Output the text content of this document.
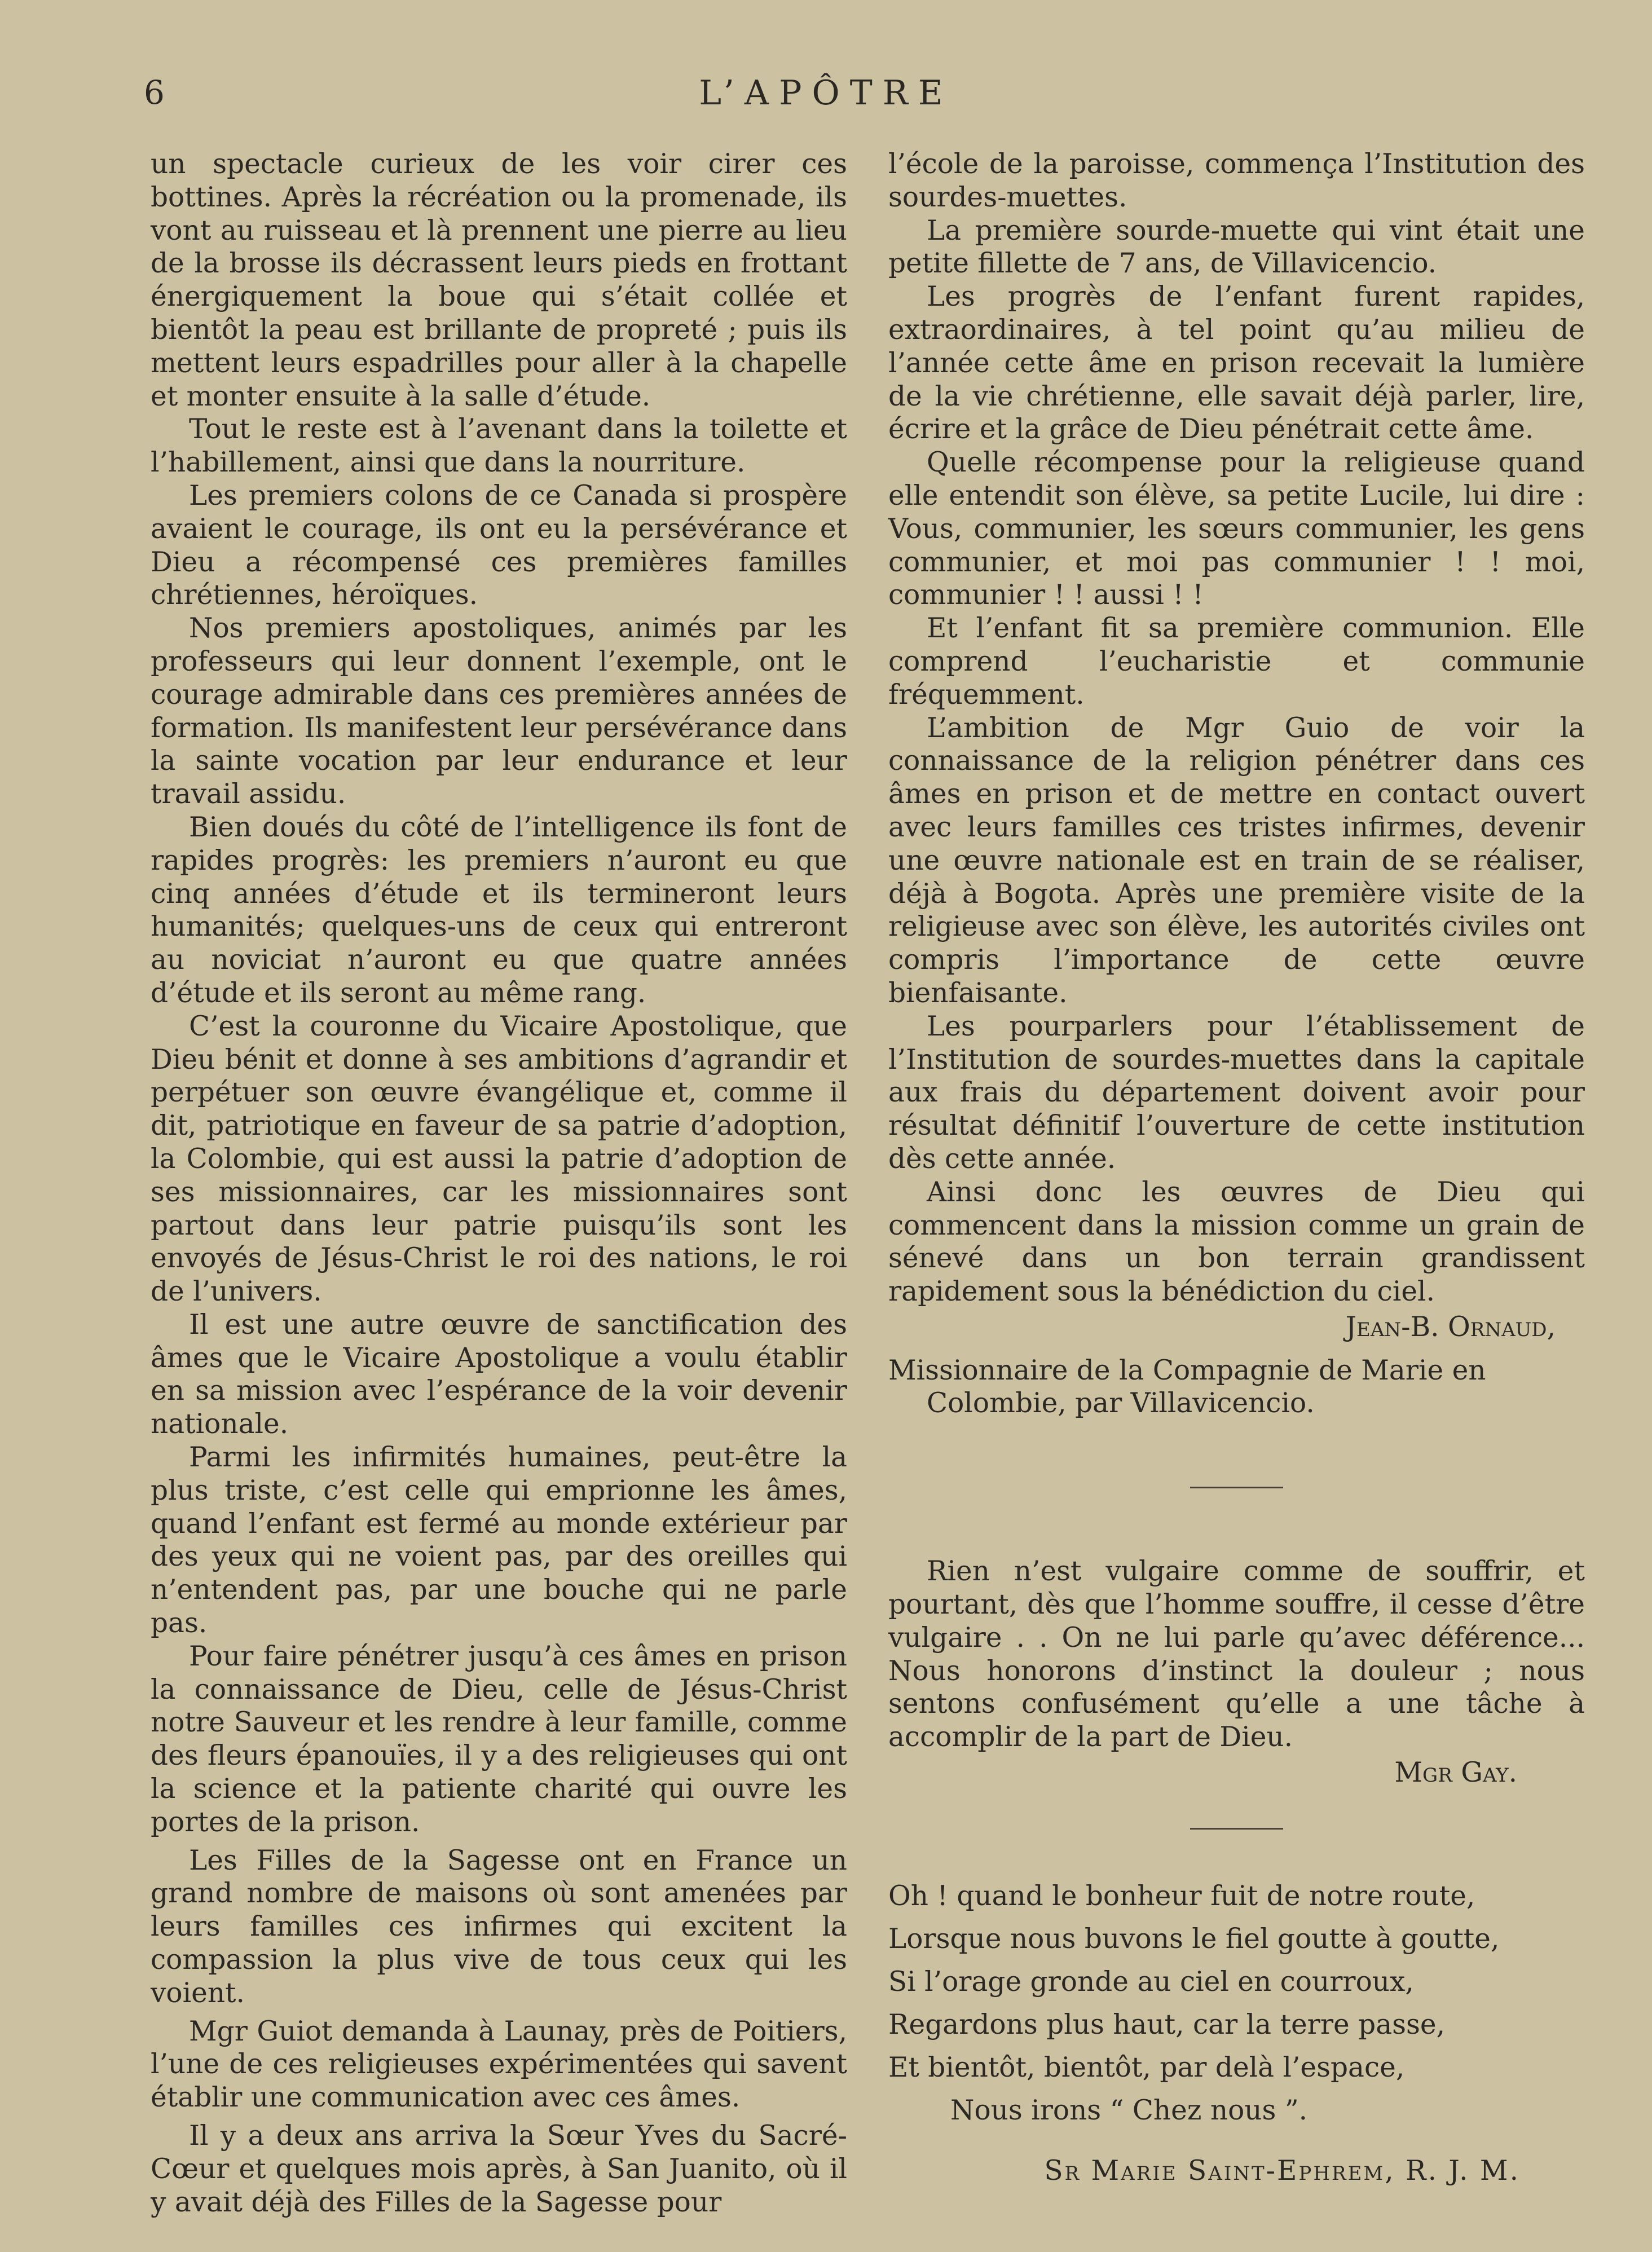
6	L’APÔTRE

un spectacle curieux de les voir cirer ces bottines. Après la récréation ou la promenade, ils vont au ruisseau et là prennent une pierre au lieu de la brosse ils décrassent leurs pieds en frottant énergiquement la boue qui s’était collée et bientôt la peau est brillante de propreté ; puis ils mettent leurs espadrilles pour aller à la chapelle et monter ensuite à la salle d’étude.

Tout le reste est à l’avenant dans la toilette et l’habillement, ainsi que dans la nourriture.

Les premiers colons de ce Canada si prospère avaient le courage, ils ont eu la persévérance et Dieu a récompensé ces premières familles chrétiennes, héroïques.

Nos premiers apostoliques, animés par les professeurs qui leur donnent l’exemple, ont le courage admirable dans ces premières années de formation. Ils manifestent leur persévérance dans la sainte vocation par leur endurance et leur travail assidu.

Bien doués du côté de l’intelligence ils font de rapides progrès: les premiers n’auront eu que cinq années d’étude et ils termineront leurs humanités; quelques-uns de ceux qui entreront au noviciat n’auront eu que quatre années d’étude et ils seront au même rang.

C’est la couronne du Vicaire Apostolique, que Dieu bénit et donne à ses ambitions d’agrandir et perpétuer son œuvre évangélique et, comme il dit, patriotique en faveur de sa patrie d’adoption, la Colombie, qui est aussi la patrie d’adoption de ses missionnaires, car les missionnaires sont partout dans leur patrie puisqu’ils sont les envoyés de Jésus-Christ le roi des nations, le roi de l’univers.

Il est une autre œuvre de sanctification des âmes que le Vicaire Apostolique a voulu établir en sa mission avec l’espérance de la voir devenir nationale.

Parmi les infirmités humaines, peut-être la plus triste, c’est celle qui emprionne les âmes, quand l’enfant est fermé au monde extérieur par des yeux qui ne voient pas, par des oreilles qui n’entendent pas, par une bouche qui ne parle pas.

Pour faire pénétrer jusqu’à ces âmes en prison la connaissance de Dieu, celle de Jésus-Christ notre Sauveur et les rendre à leur famille, comme des fleurs épanouïes, il y a des religieuses qui ont la science et la patiente charité qui ouvre les portes de la prison.

Les Filles de la Sagesse ont en France un grand nombre de maisons où sont amenées par leurs familles ces infirmes qui excitent la compassion la plus vive de tous ceux qui les voient.

Mgr Guiot demanda à Launay, près de Poitiers, l’une de ces religieuses expérimentées qui savent établir une communication avec ces âmes.

Il y a deux ans arriva la Sœur Yves du Sacré-Cœur et quelques mois après, à San Juanito, où il y avait déjà des Filles de la Sagesse pour

l’école de la paroisse, commença l’Institution des sourdes-muettes.

La première sourde-muette qui vint était une petite fillette de 7 ans, de Villavicencio.

Les progrès de l’enfant furent rapides, extraordinaires, à tel point qu’au milieu de l’année cette âme en prison recevait la lumière de la vie chrétienne, elle savait déjà parler, lire, écrire et la grâce de Dieu pénétrait cette âme.

Quelle récompense pour la religieuse quand elle entendit son élève, sa petite Lucile, lui dire : Vous, communier, les sœurs communier, les gens communier, et moi pas communier ! ! moi, communier ! ! aussi ! !

Et l’enfant fit sa première communion. Elle comprend l’eucharistie et communie fréquemment.

L’ambition de Mgr Guio de voir la connaissance de la religion pénétrer dans ces âmes en prison et de mettre en contact ouvert avec leurs familles ces tristes infirmes, devenir une œuvre nationale est en train de se réaliser, déjà à Bogota. Après une première visite de la religieuse avec son élève, les autorités civiles ont compris l’importance de cette œuvre bienfaisante.

Les pourparlers pour l’établissement de l’Institution de sourdes-muettes dans la capitale aux frais du département doivent avoir pour résultat définitif l’ouverture de cette institution dès cette année.

Ainsi donc les œuvres de Dieu qui commencent dans la mission comme un grain de sénevé dans un bon terrain grandissent rapidement sous la bénédiction du ciel.

Jean-B. Ornaud,
Missionnaire de la Compagnie de Marie en
Colombie, par Villavicencio.

Rien n’est vulgaire comme de souffrir, et pourtant, dès que l’homme souffre, il cesse d’être vulgaire . . On ne lui parle qu’avec déférence... Nous honorons d’instinct la douleur ; nous sentons confusément qu’elle a une tâche à accomplir de la part de Dieu.

Mgr Gay.
Oh ! quand le bonheur fuit de notre route,
Lorsque nous buvons le fiel goutte à goutte,
Si l’orage gronde au ciel en courroux,
Regardons plus haut, car la terre passe,
Et bientôt, bientôt, par delà l’espace,
Nous irons “ Chez nous ”.
Sr Marie Saint-Ephrem, R. J. M.
